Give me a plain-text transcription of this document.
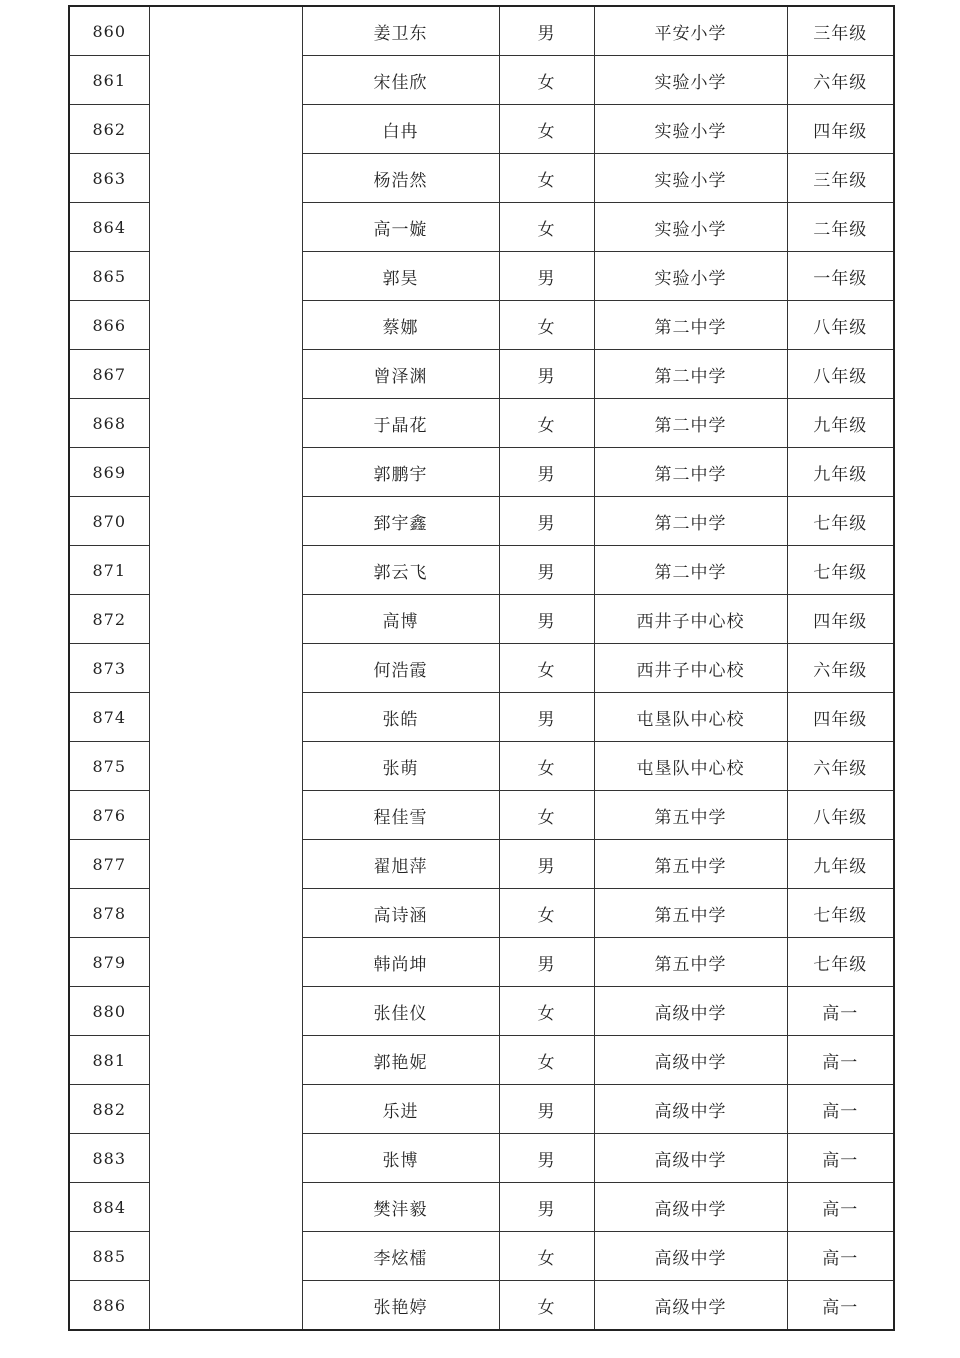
860		姜卫东	男	平安小学	三年级
861		宋佳欣	女	实验小学	六年级
862		白冉	女	实验小学	四年级
863		杨浩然	女	实验小学	三年级
864		高一嫙	女	实验小学	二年级
865		郭昊	男	实验小学	一年级
866		蔡娜	女	第二中学	八年级
867		曾泽渊	男	第二中学	八年级
868		于晶花	女	第二中学	九年级
869		郭鹏宇	男	第二中学	九年级
870		郅宇鑫	男	第二中学	七年级
871		郭云飞	男	第二中学	七年级
872		高博	男	西井子中心校	四年级
873		何浩霞	女	西井子中心校	六年级
874		张皓	男	屯垦队中心校	四年级
875		张萌	女	屯垦队中心校	六年级
876		程佳雪	女	第五中学	八年级
877		翟旭萍	男	第五中学	九年级
878		高诗涵	女	第五中学	七年级
879		韩尚坤	男	第五中学	七年级
880		张佳仪	女	高级中学	高一
881		郭艳妮	女	高级中学	高一
882		乐进	男	高级中学	高一
883		张博	男	高级中学	高一
884		樊沣毅	男	高级中学	高一
885		李炫檑	女	高级中学	高一
886		张艳婷	女	高级中学	高一
